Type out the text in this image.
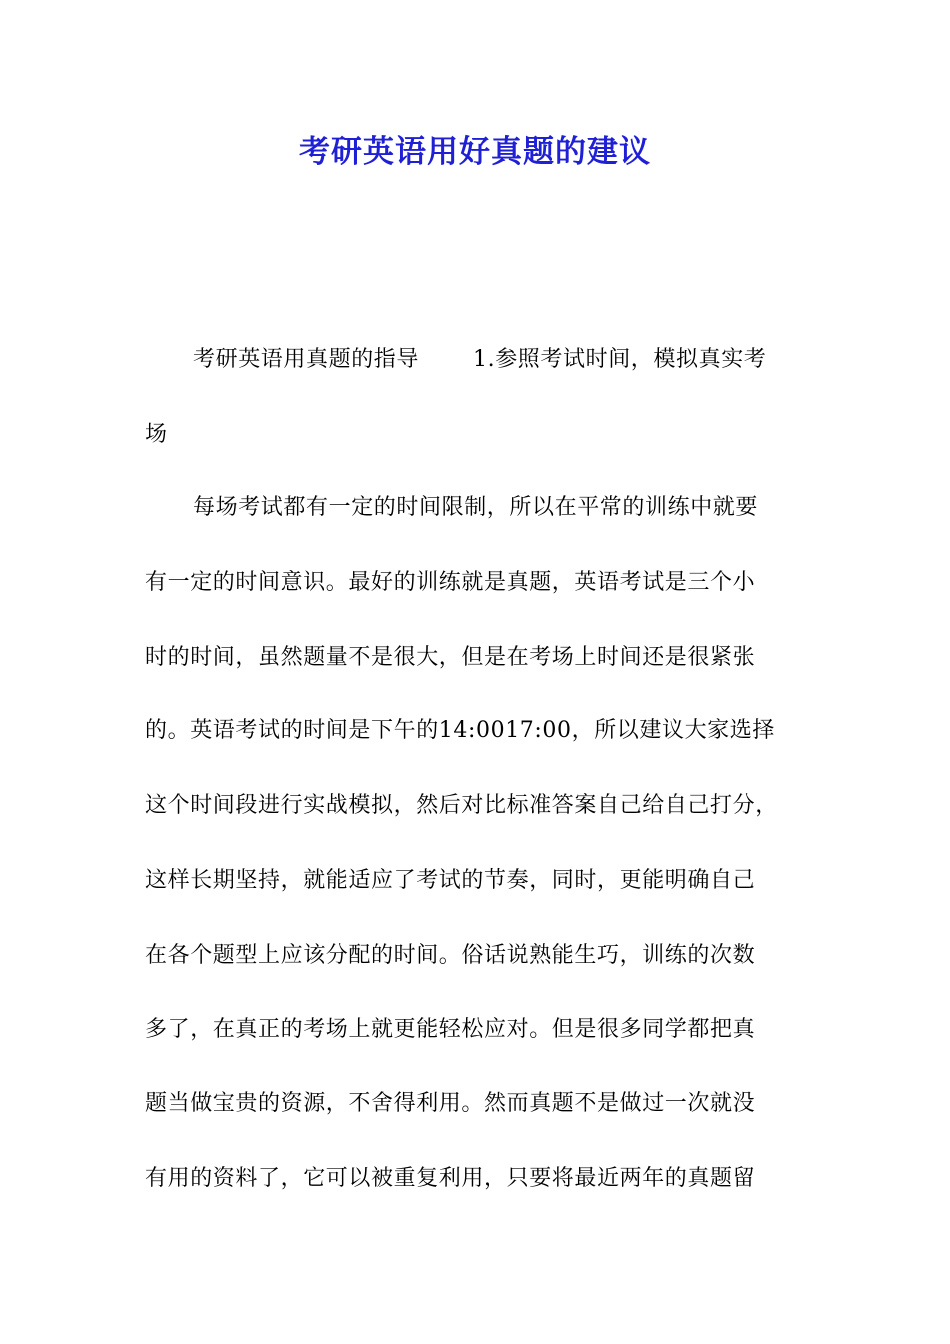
考研英语用好真题的建议
考研英语用真题的指导 1.参照考试时间，模拟真实考
场
每场考试都有一定的时间限制，所以在平常的训练中就要
有一定的时间意识。最好的训练就是真题，英语考试是三个小
时的时间，虽然题量不是很大，但是在考场上时间还是很紧张
的。英语考试的时间是下午的14:0017:00，所以建议大家选择
这个时间段进行实战模拟，然后对比标准答案自己给自己打分，
这样长期坚持，就能适应了考试的节奏，同时，更能明确自己
在各个题型上应该分配的时间。俗话说熟能生巧，训练的次数
多了，在真正的考场上就更能轻松应对。但是很多同学都把真
题当做宝贵的资源，不舍得利用。然而真题不是做过一次就没
有用的资料了，它可以被重复利用，只要将最近两年的真题留
